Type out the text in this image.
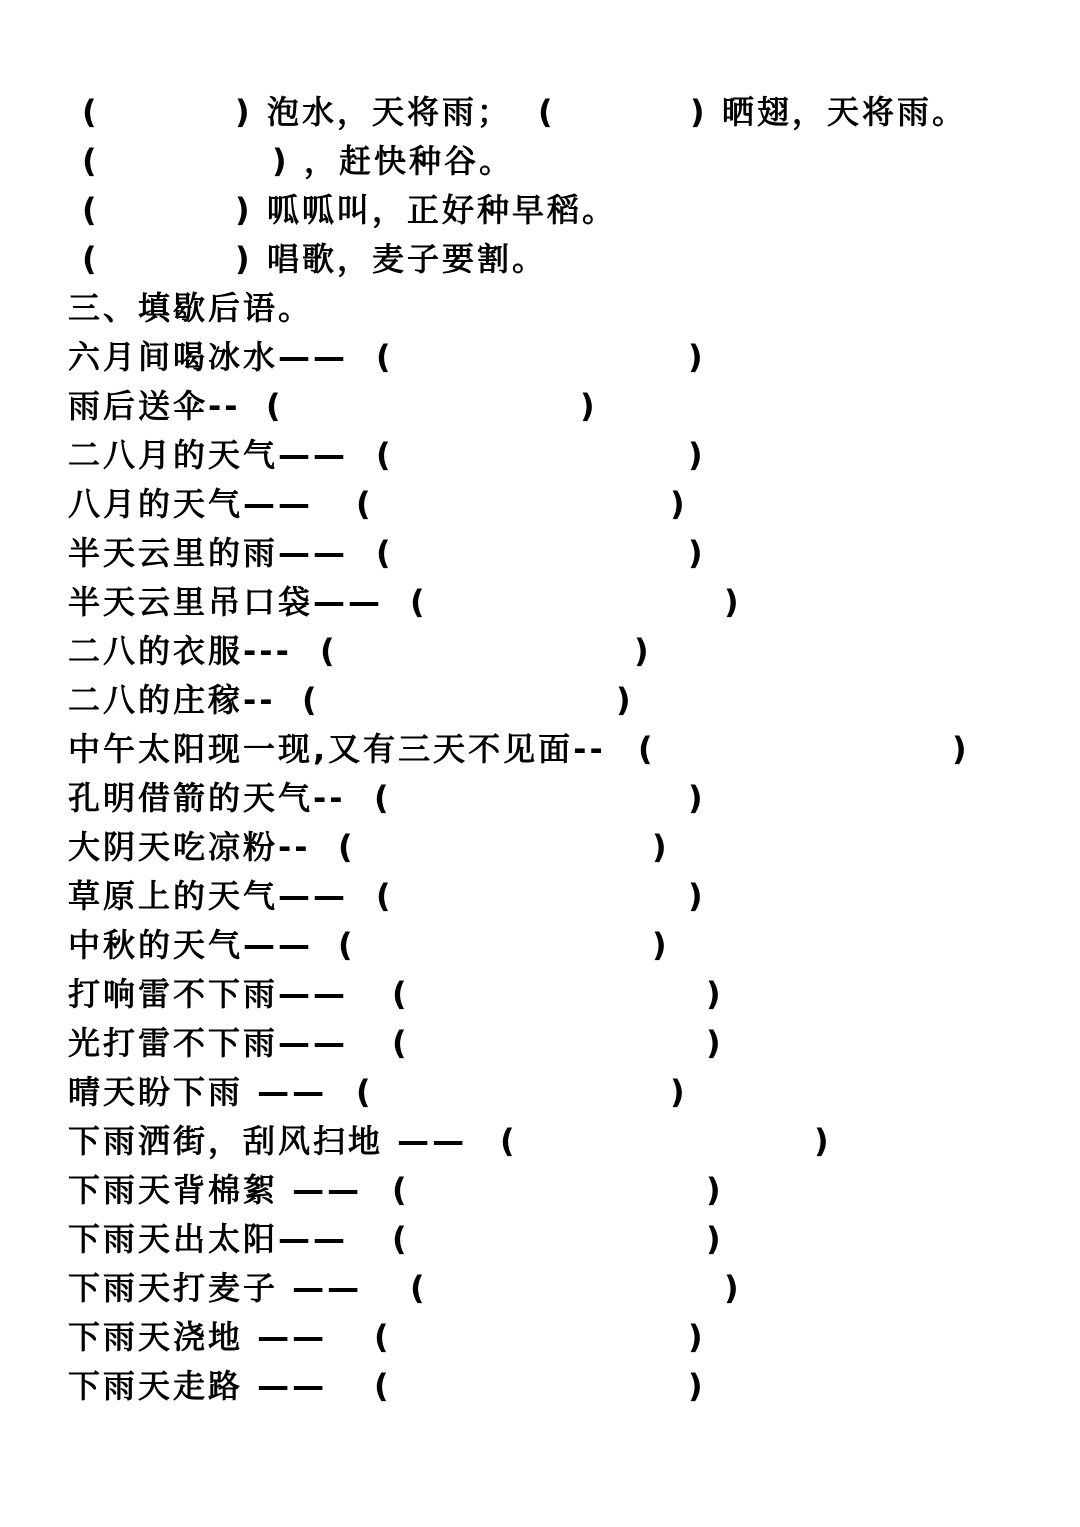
(	) 泡水，天将雨； (	) 晒翅，天将雨。
(	) ，赶快种谷。
(	) 呱呱叫，正好种早稻。
(	) 唱歌，麦子要割。
三、填歇后语。
六月间喝冰水—— (	)
雨后送伞-- (	)
二八月的天气—— (	)
八月的天气—— (	)
半天云里的雨—— (	)
半天云里吊口袋—— (	)
二八的衣服--- (	)
二八的庄稼-- (	)
中午太阳现一现,又有三天不见面-- (	)
孔明借箭的天气-- (	)
大阴天吃凉粉-- (	)
草原上的天气—— (	)
中秋的天气—— (	)
打响雷不下雨—— (	)
光打雷不下雨—— (	)
晴天盼下雨 —— (	)
下雨洒街，刮风扫地 —— (	)
下雨天背棉絮 —— (	)
下雨天出太阳—— (	)
下雨天打麦子 —— (	)
下雨天浇地 —— (	)
下雨天走路 —— (	)
